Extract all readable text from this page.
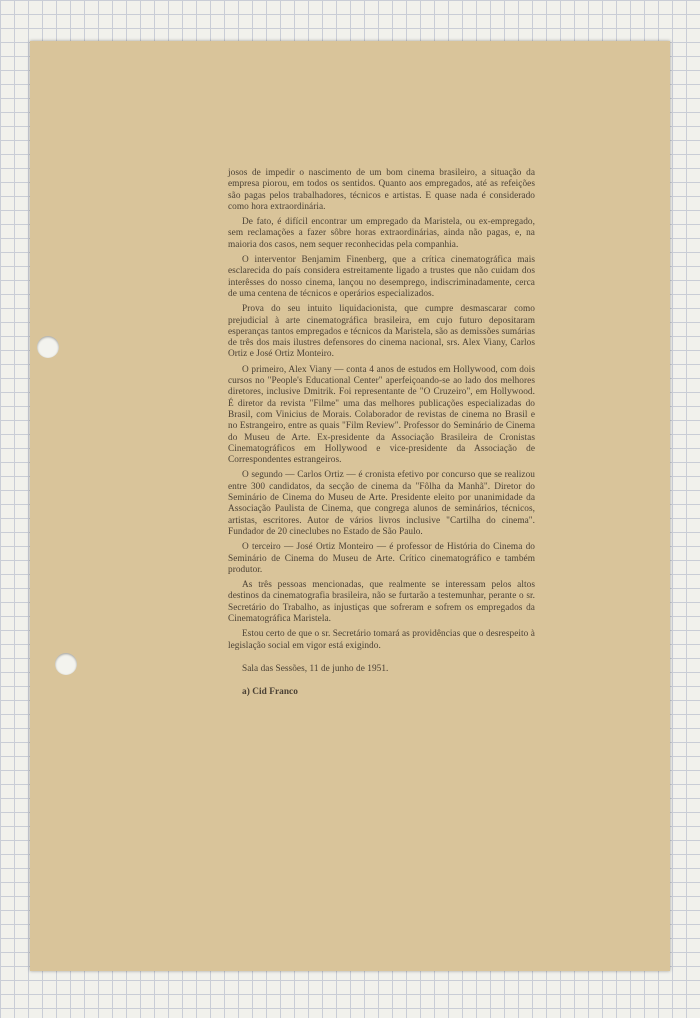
josos de impedir o nascimento de um bom cinema brasileiro, a situação da empresa piorou, em todos os sentidos. Quanto aos empregados, até as refeições são pagas pelos trabalhadores, técnicos e artistas. E quase nada é considerado como hora extraordinária.

De fato, é difícil encontrar um empregado da Maristela, ou ex-empregado, sem reclamações a fazer sôbre horas extraordinárias, ainda não pagas, e, na maioria dos casos, nem sequer reconhecidas pela companhia.

O interventor Benjamim Finenberg, que a crítica cinematográfica mais esclarecida do país considera estreitamente ligado a trustes que não cuidam dos interêsses do nosso cinema, lançou no desemprego, indiscriminadamente, cerca de uma centena de técnicos e operários especializados.

Prova do seu intuito liquidacionista, que cumpre desmascarar como prejudicial à arte cinematográfica brasileira, em cujo futuro depositaram esperanças tantos empregados e técnicos da Maristela, são as demissões sumárias de três dos mais ilustres defensores do cinema nacional, srs. Alex Viany, Carlos Ortiz e José Ortiz Monteiro.

O primeiro, Alex Viany — conta 4 anos de estudos em Hollywood, com dois cursos no "People's Educational Center" aperfeiçoando-se ao lado dos melhores diretores, inclusive Dmitrik. Foi representante de "O Cruzeiro", em Hollywood. É diretor da revista "Filme" uma das melhores publicações especializadas do Brasil, com Vinicius de Morais. Colaborador de revistas de cinema no Brasil e no Estrangeiro, entre as quais "Film Review". Professor do Seminário de Cinema do Museu de Arte. Ex-presidente da Associação Brasileira de Cronistas Cinematográficos em Hollywood e vice-presidente da Associação de Correspondentes estrangeiros.

O segundo — Carlos Ortiz — é cronista efetivo por concurso que se realizou entre 300 candidatos, da secção de cinema da "Fôlha da Manhã". Diretor do Seminário de Cinema do Museu de Arte. Presidente eleito por unanimidade da Associação Paulista de Cinema, que congrega alunos de seminários, técnicos, artistas, escritores. Autor de vários livros inclusive "Cartilha do cinema". Fundador de 20 cineclubes no Estado de São Paulo.

O terceiro — José Ortiz Monteiro — é professor de História do Cinema do Seminário de Cinema do Museu de Arte. Crítico cinematográfico e também produtor.

As três pessoas mencionadas, que realmente se interessam pelos altos destinos da cinematografia brasileira, não se furtarão a testemunhar, perante o sr. Secretário do Trabalho, as injustiças que sofreram e sofrem os empregados da Cinematográfica Maristela.

Estou certo de que o sr. Secretário tomará as providências que o desrespeito à legislação social em vigor está exigindo.

Sala das Sessões, 11 de junho de 1951.

a) Cid Franco
